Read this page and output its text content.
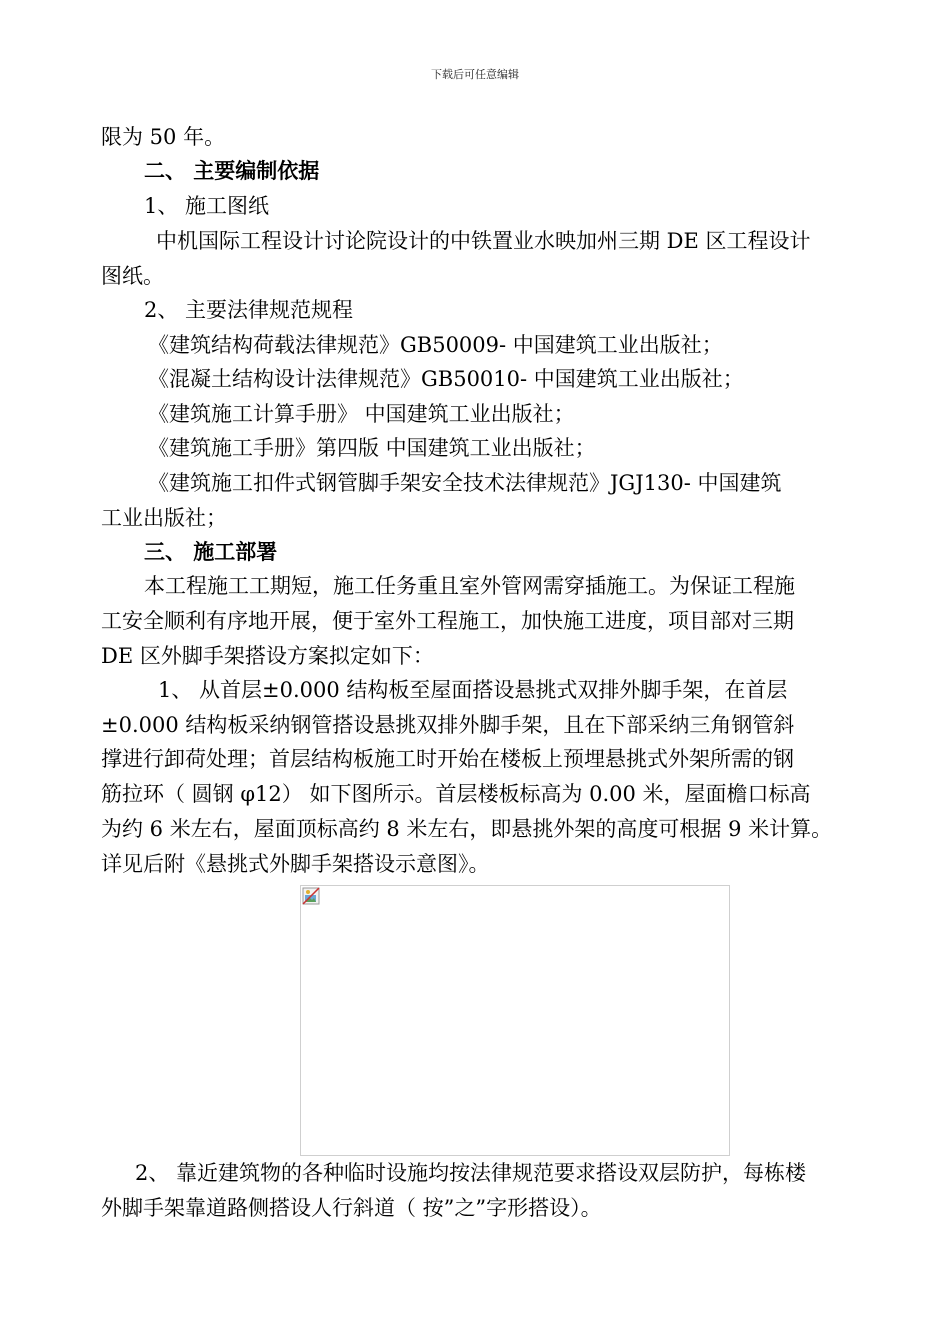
下载后可任意编辑
限为 50 年。
二、 主要编制依据
1、 施工图纸
中机国际工程设计讨论院设计的中铁置业水映加州三期 DE 区工程设计
图纸。
2、 主要法律规范规程
《建筑结构荷载法律规范》GB50009- 中国建筑工业出版社；
《混凝土结构设计法律规范》GB50010- 中国建筑工业出版社；
《建筑施工计算手册》 中国建筑工业出版社；
《建筑施工手册》第四版 中国建筑工业出版社；
《建筑施工扣件式钢管脚手架安全技术法律规范》JGJ130- 中国建筑
工业出版社；
三、 施工部署
本工程施工工期短，施工任务重且室外管网需穿插施工。为保证工程施
工安全顺利有序地开展，便于室外工程施工，加快施工进度，项目部对三期
DE 区外脚手架搭设方案拟定如下：
1、 从首层±0.000 结构板至屋面搭设悬挑式双排外脚手架，在首层
±0.000 结构板采纳钢管搭设悬挑双排外脚手架，且在下部采纳三角钢管斜
撑进行卸荷处理；首层结构板施工时开始在楼板上预埋悬挑式外架所需的钢
筋拉环（ 圆钢 φ12） 如下图所示。首层楼板标高为 0.00 米，屋面檐口标高
为约 6 米左右，屋面顶标高约 8 米左右，即悬挑外架的高度可根据 9 米计算。
详见后附《悬挑式外脚手架搭设示意图》。
2、 靠近建筑物的各种临时设施均按法律规范要求搭设双层防护，每栋楼
外脚手架靠道路侧搭设人行斜道（ 按”之”字形搭设）。
